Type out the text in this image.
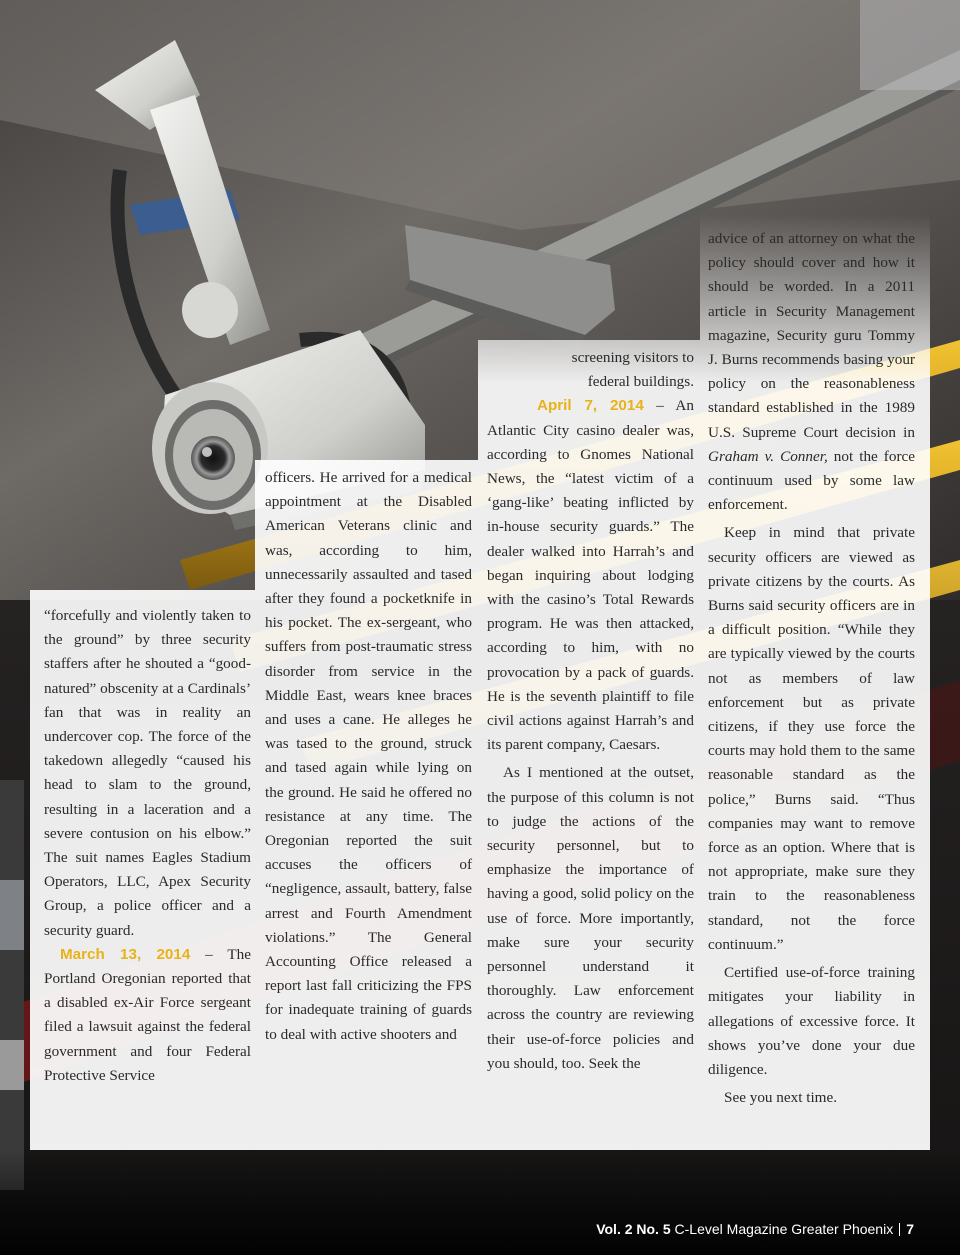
“forcefully and violently taken to the ground” by three security staffers after he shouted a “good-natured” obscenity at a Cardinals’ fan that was in reality an undercover cop. The force of the takedown allegedly “caused his head to slam to the ground, resulting in a laceration and a severe contusion on his elbow.” The suit names Eagles Stadium Operators, LLC, Apex Security Group, a police officer and a security guard.

March 13, 2014 – The Portland Oregonian reported that a disabled ex-Air Force sergeant filed a lawsuit against the federal government and four Federal Protective Service

officers. He arrived for a medical appointment at the Disabled American Veterans clinic and was, according to him, unnecessarily assaulted and tased after they found a pocketknife in his pocket. The ex-sergeant, who suffers from post-traumatic stress disorder from service in the Middle East, wears knee braces and uses a cane. He alleges he was tased to the ground, struck and tased again while lying on the ground. He said he offered no resistance at any time. The Oregonian reported the suit accuses the officers of “negligence, assault, battery, false arrest and Fourth Amendment violations.” The General Accounting Office released a report last fall criticizing the FPS for inadequate training of guards to deal with active shooters and

screening visitors to federal buildings.

April 7, 2014 – An Atlantic City casino dealer was, according to Gnomes National News, the “latest victim of a ‘gang-like’ beating inflicted by in-house security guards.” The dealer walked into Harrah’s and began inquiring about lodging with the casino’s Total Rewards program. He was then attacked, according to him, with no provocation by a pack of guards. He is the seventh plaintiff to file civil actions against Harrah’s and its parent company, Caesars.

As I mentioned at the outset, the purpose of this column is not to judge the actions of the security personnel, but to emphasize the importance of having a good, solid policy on the use of force. More importantly, make sure your security personnel understand it thoroughly. Law enforcement across the country are reviewing their use-of-force policies and you should, too. Seek the

advice of an attorney on what the policy should cover and how it should be worded. In a 2011 article in Security Management magazine, Security guru Tommy J. Burns recommends basing your policy on the reasonableness standard established in the 1989 U.S. Supreme Court decision in Graham v. Conner, not the force continuum used by some law enforcement.

Keep in mind that private security officers are viewed as private citizens by the courts. As Burns said security officers are in a difficult position. “While they are typically viewed by the courts not as members of law enforcement but as private citizens, if they use force the courts may hold them to the same reasonable standard as the police,” Burns said. “Thus companies may want to remove force as an option. Where that is not appropriate, make sure they train to the reasonableness standard, not the force continuum.”

Certified use-of-force training mitigates your liability in allegations of excessive force. It shows you’ve done your due diligence.

See you next time.

Vol. 2 No. 5 C-Level Magazine Greater Phoenix 7
